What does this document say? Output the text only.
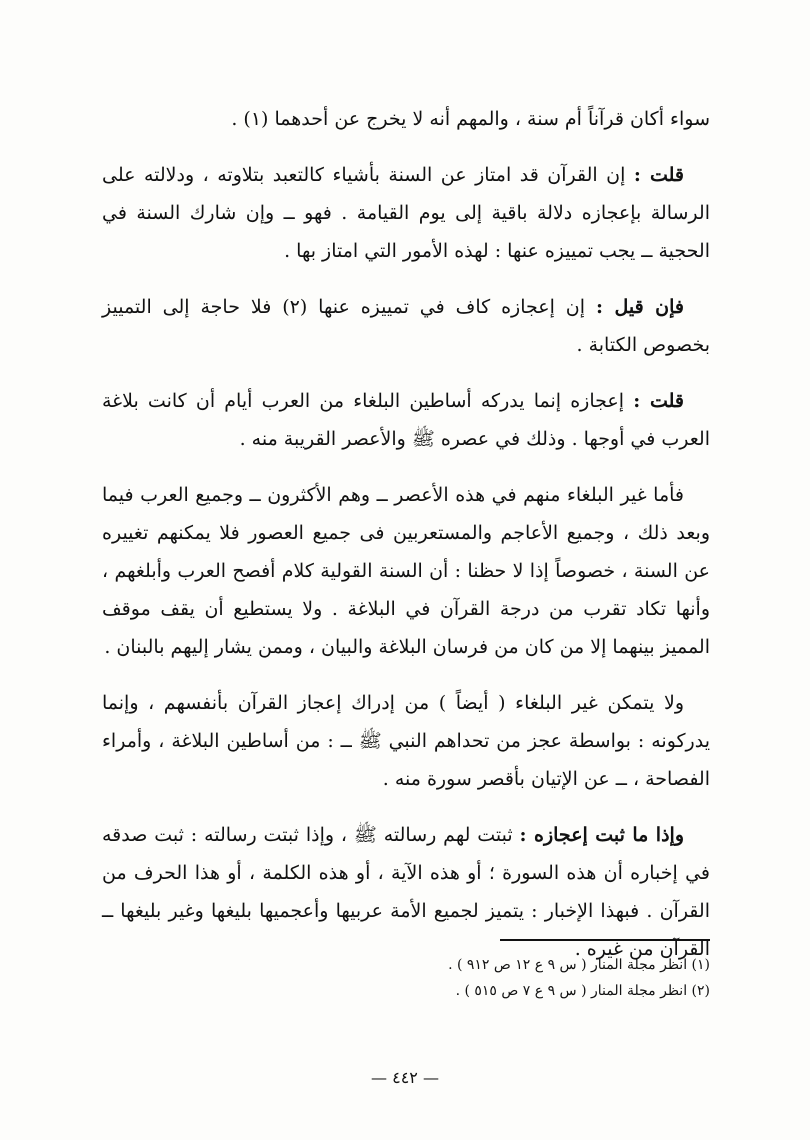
سواء أكان قرآناً أم سنة ، والمهم أنه لا يخرج عن أحدهما (١) .

قلت : إن القرآن قد امتاز عن السنة بأشياء كالتعبد بتلاوته ، ودلالته على الرسالة بإعجازه دلالة باقية إلى يوم القيامة . فهو ــ وإن شارك السنة في الحجية ــ يجب تمييزه عنها : لهذه الأمور التي امتاز بها .

فإن قيل : إن إعجازه كاف في تمييزه عنها (٢) فلا حاجة إلى التمييز بخصوص الكتابة .

قلت : إعجازه إنما يدركه أساطين البلغاء من العرب أيام أن كانت بلاغة العرب في أوجها . وذلك في عصره ﷺ والأعصر القريبة منه .

فأما غير البلغاء منهم في هذه الأعصر ــ وهم الأكثرون ــ وجميع العرب فيما وبعد ذلك ، وجميع الأعاجم والمستعربين فى جميع العصور فلا يمكنهم تغييره عن السنة ، خصوصاً إذا لا حظنا : أن السنة القولية كلام أفصح العرب وأبلغهم ، وأنها تكاد تقرب من درجة القرآن في البلاغة . ولا يستطيع أن يقف موقف المميز بينهما إلا من كان من فرسان البلاغة والبيان ، وممن يشار إليهم بالبنان .

ولا يتمكن غير البلغاء ( أيضاً ) من إدراك إعجاز القرآن بأنفسهم ، وإنما يدركونه : بواسطة عجز من تحداهم النبي ﷺ ــ : من أساطين البلاغة ، وأمراء الفصاحة ، ــ عن الإتيان بأقصر سورة منه .

وإذا ما ثبت إعجازه : ثبتت لهم رسالته ﷺ ، وإذا ثبتت رسالته : ثبت صدقه في إخباره أن هذه السورة ؛ أو هذه الآية ، أو هذه الكلمة ، أو هذا الحرف من القرآن . فبهذا الإخبار : يتميز لجميع الأمة عربيها وأعجميها بليغها وغير بليغها ــ القرآن من غيره .

(١) انظر مجلة المنار ( س ٩ ع ١٢ ص ٩١٢ ) .

(٢) انظر مجلة المنار ( س ٩ ع ٧ ص ٥١٥ ) .

— ٤٤٢ —
